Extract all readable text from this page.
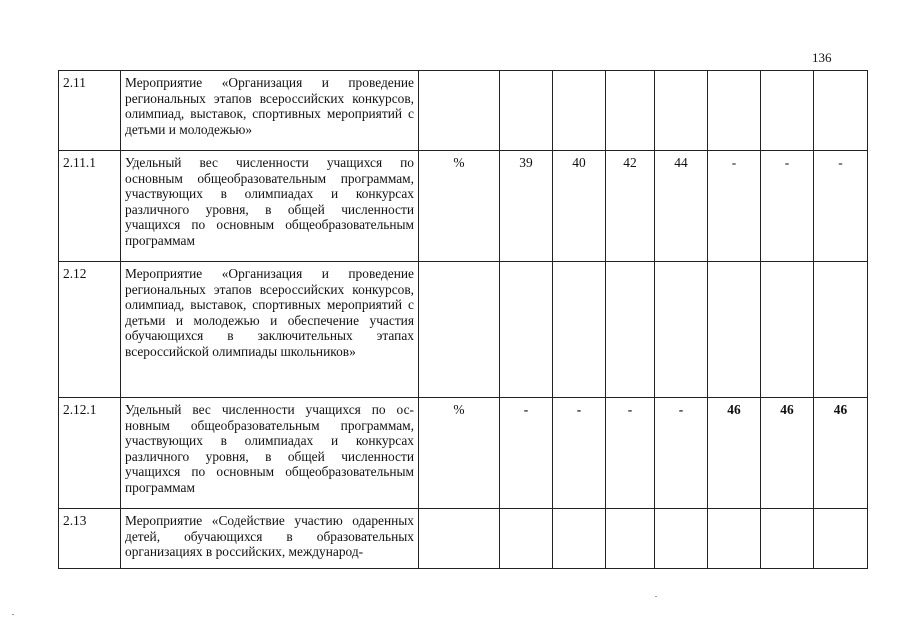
136
2.11	Мероприятие «Организация и проведение региональных этапов всероссийских конкурсов, олимпиад, выставок, спортивных мероприятий с детьми и молодежью»								
2.11.1	Удельный вес численности учащихся по основным общеобразовательным программам, участвующих в олимпиадах и конкурсах различного уровня, в общей численности учащихся по основным общеобразовательным программам	%	39	40	42	44	-	-	-
2.12	Мероприятие «Организация и проведение региональных этапов всероссийских конкурсов, олимпиад, выставок, спортивных мероприятий с детьми и молодежью и обеспечение участия обучающихся в заключительных этапах всероссийской олимпиады школьников»								
2.12.1	Удельный вес численности учащихся по основным общеобразовательным программам, участвующих в олимпиадах и конкурсах различного уровня, в общей численности учащихся по основным общеобразовательным программам	%	-	-	-	-	46	46	46
2.13	Мероприятие «Содействие участию одаренных детей, обучающихся в образовательных организациях в российских, международ-								
